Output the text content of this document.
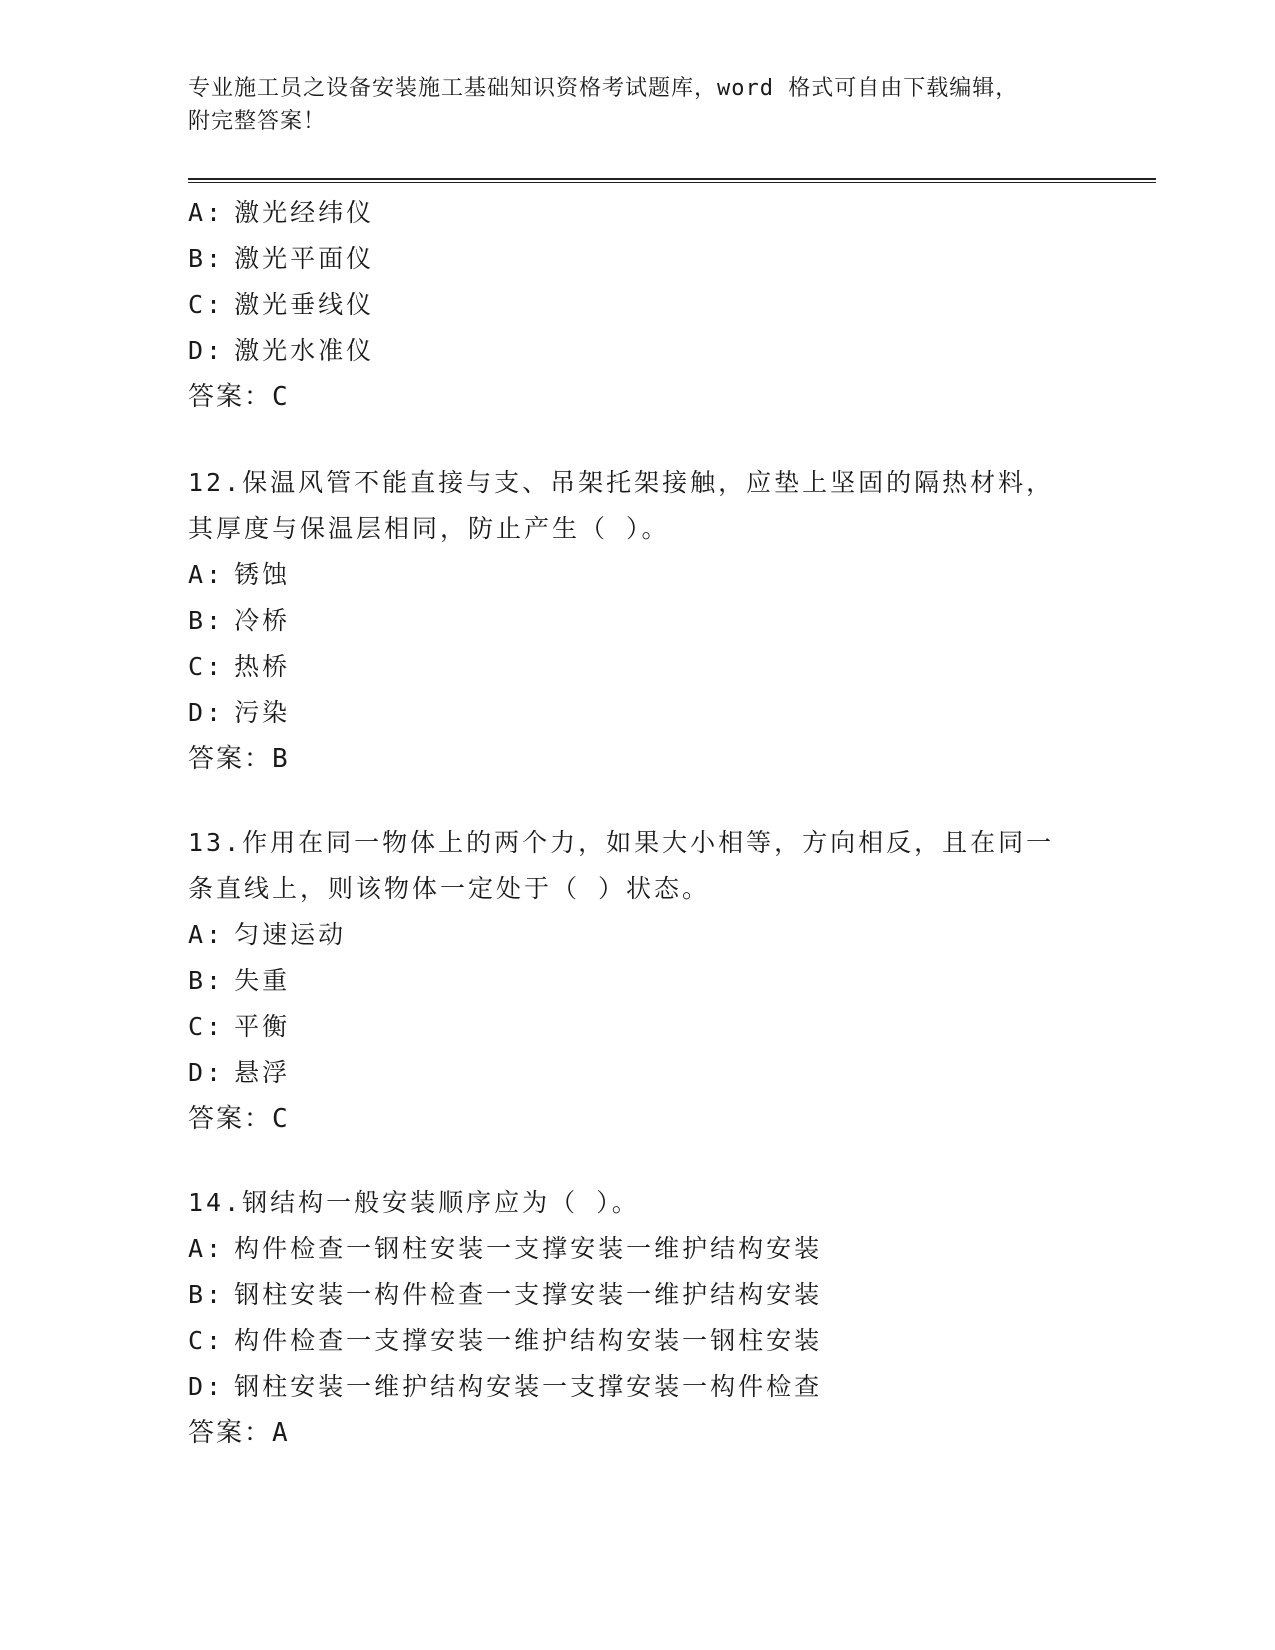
专业施工员之设备安装施工基础知识资格考试题库，word 格式可自由下载编辑，
附完整答案！
A: 激光经纬仪
B: 激光平面仪
C: 激光垂线仪
D: 激光水准仪
答案：C
12.保温风管不能直接与支、吊架托架接触，应垫上坚固的隔热材料，
其厚度与保温层相同，防止产生（ ）。
A: 锈蚀
B: 冷桥
C: 热桥
D: 污染
答案：B
13.作用在同一物体上的两个力，如果大小相等，方向相反，且在同一
条直线上，则该物体一定处于（ ）状态。
A: 匀速运动
B: 失重
C: 平衡
D: 悬浮
答案：C
14.钢结构一般安装顺序应为（ ）。
A: 构件检查一钢柱安装一支撑安装一维护结构安装
B: 钢柱安装一构件检查一支撑安装一维护结构安装
C: 构件检查一支撑安装一维护结构安装一钢柱安装
D: 钢柱安装一维护结构安装一支撑安装一构件检查
答案：A
